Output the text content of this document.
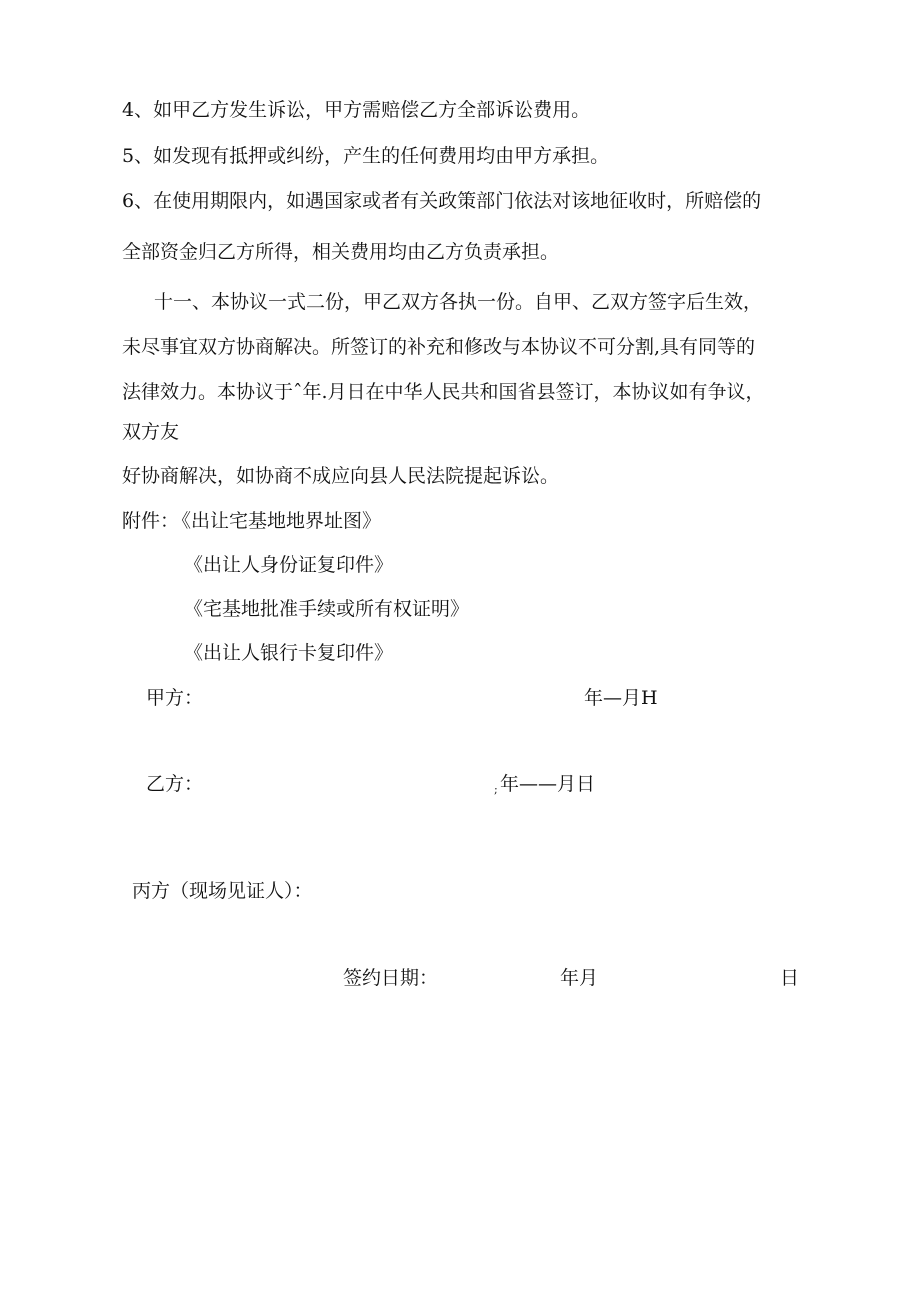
4、如甲乙方发生诉讼，甲方需赔偿乙方全部诉讼费用。
5、如发现有抵押或纠纷，产生的任何费用均由甲方承担。
6、在使用期限内，如遇国家或者有关政策部门依法对该地征收时，所赔偿的
全部资金归乙方所得，相关费用均由乙方负责承担。
十一、本协议一式二份，甲乙双方各执一份。自甲、乙双方签字后生效，
未尽事宜双方协商解决。所签订的补充和修改与本协议不可分割,具有同等的
法律效力。本协议于ˆ年.月日在中华人民共和国省县签订，本协议如有争议，
双方友
好协商解决，如协商不成应向县人民法院提起诉讼。
附件：
《出让宅基地地界址图》
《出让人身份证复印件》
《宅基地批准手续或所有权证明》
《出让人银行卡复印件》
甲方：	年—月H
乙方：	; 年——月日
丙方（现场见证人）：
签约日期：	年月	日
